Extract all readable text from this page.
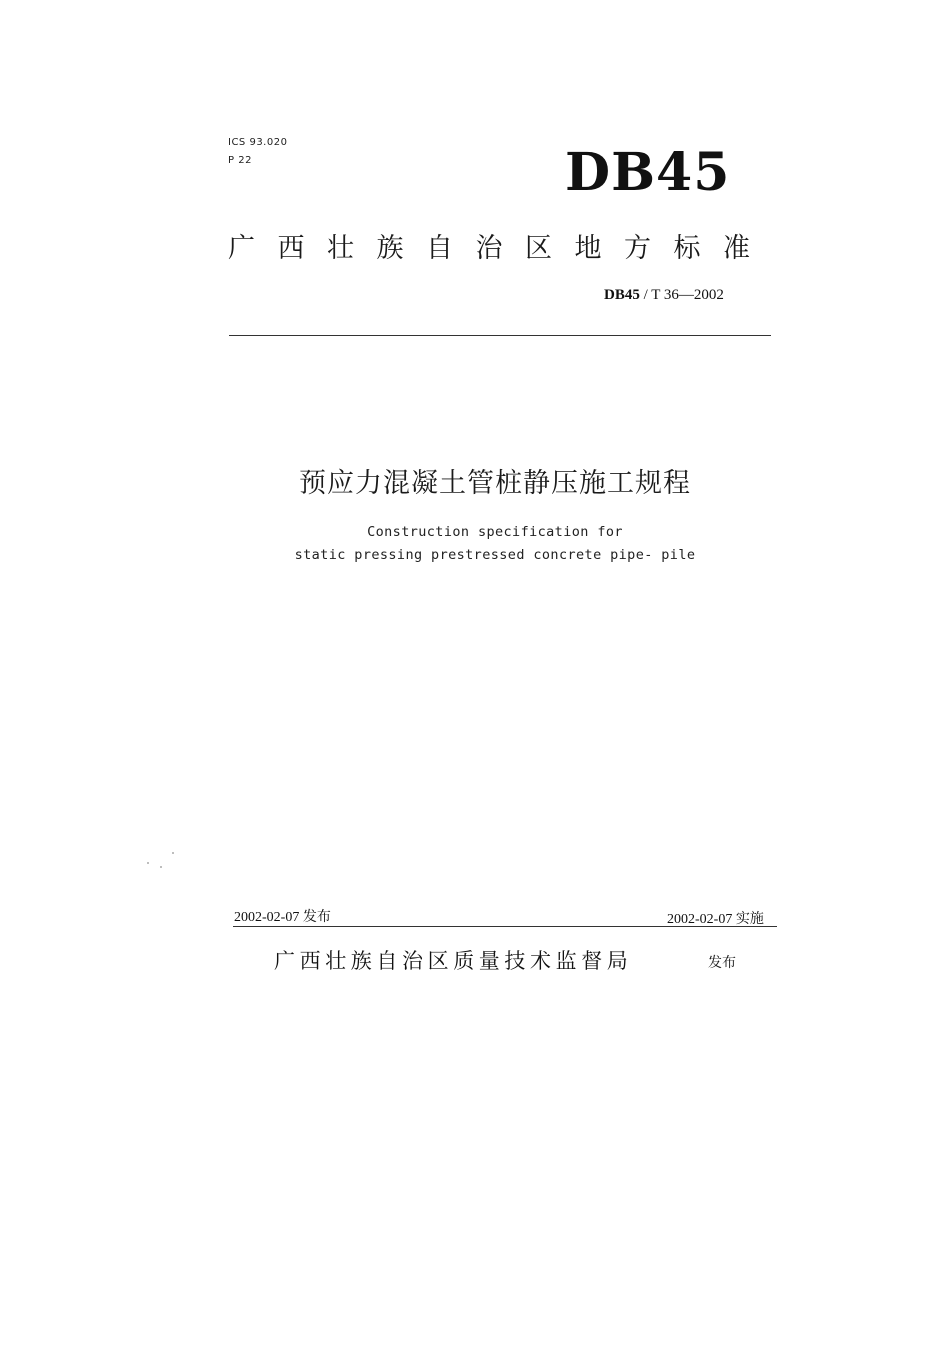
ICS 93.020
P 22	DB45
广西壮族自治区地方标准
DB45 / T 36—2002
预应力混凝土管桩静压施工规程
Construction specification for
static pressing prestressed concrete pipe- pile
2002-02-07 发布	2002-02-07 实施
广西壮族自治区质量技术监督局	发布
